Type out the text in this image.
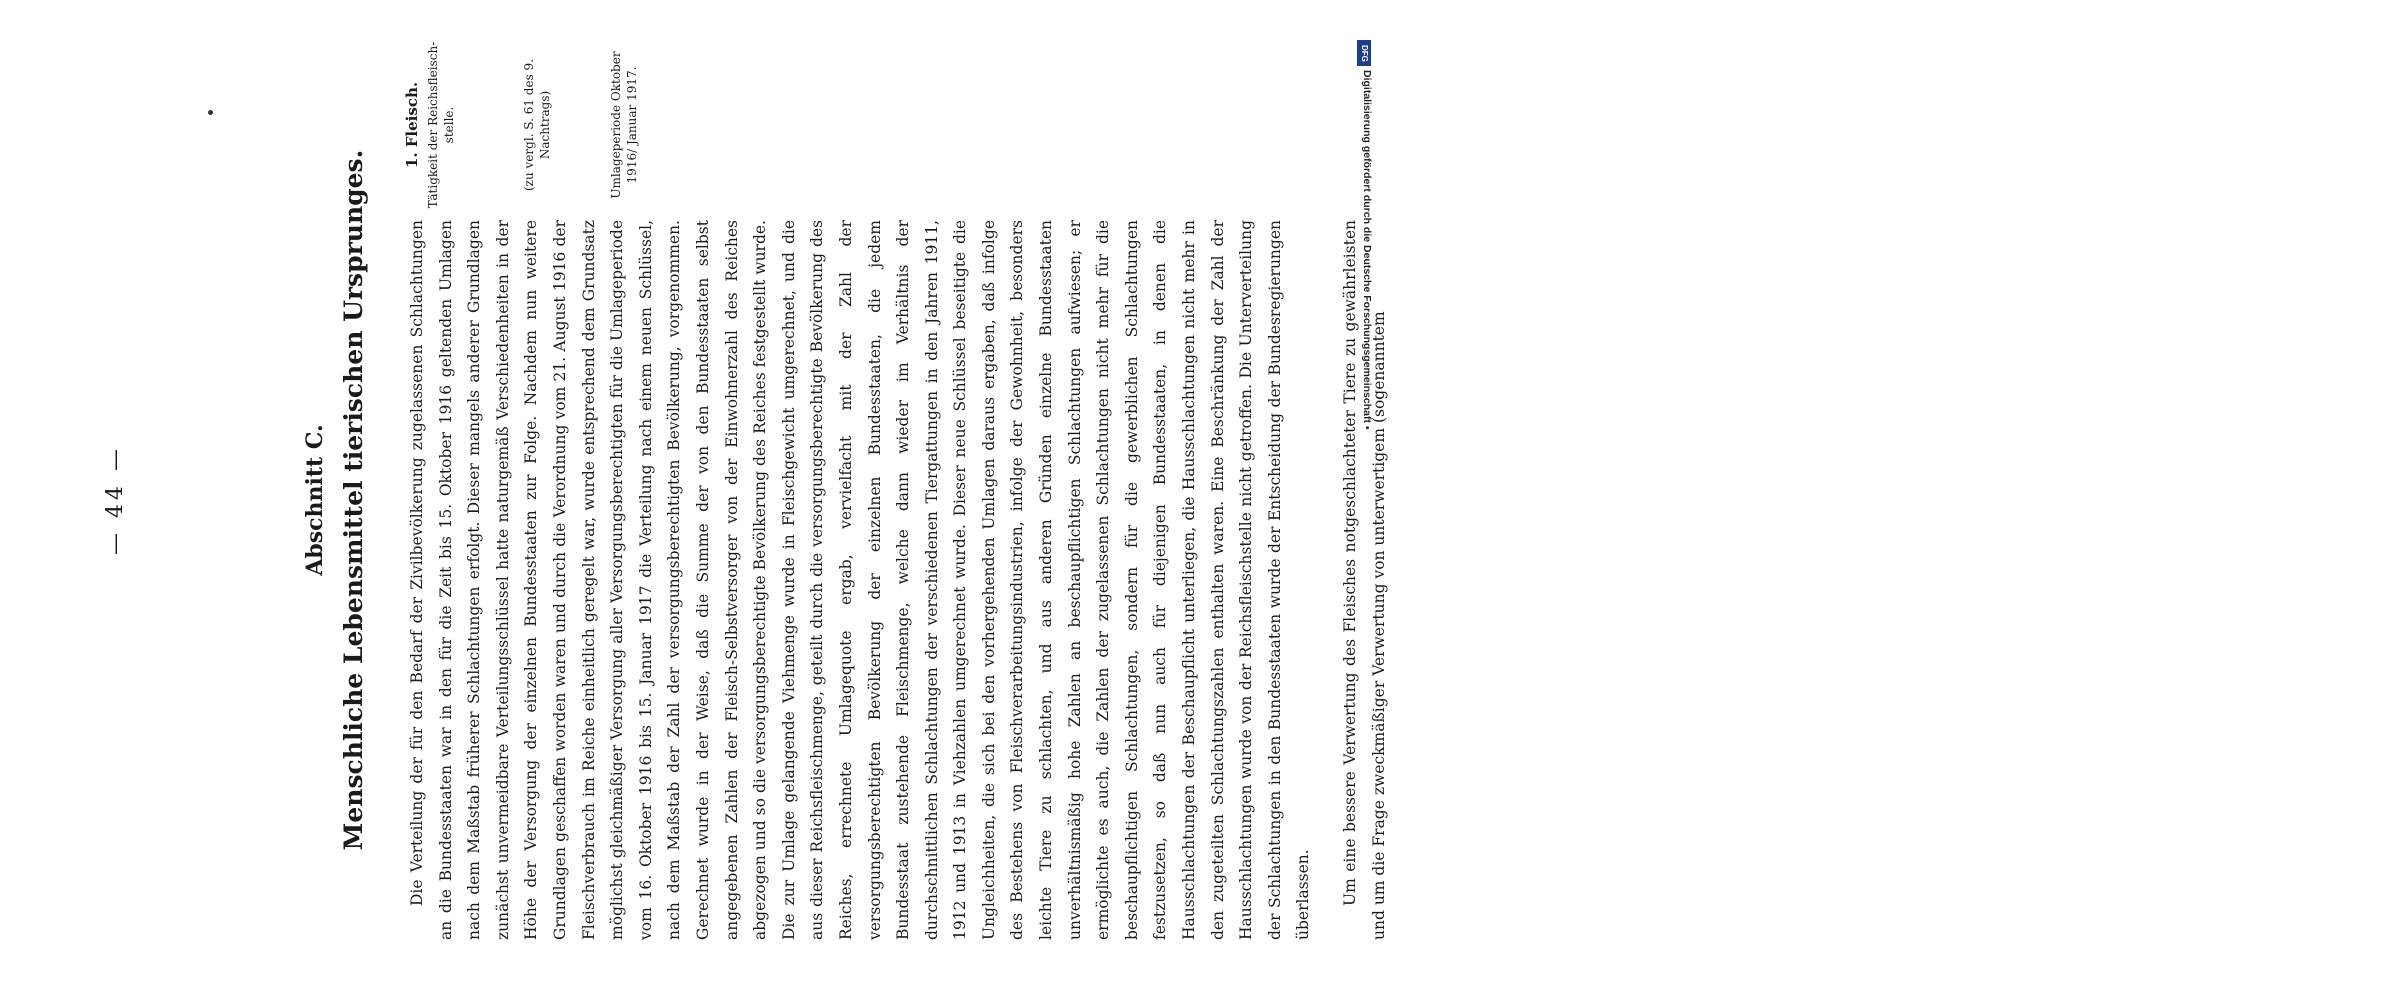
— 44 —	Abschnitt C. Menschliche Lebensmittel tierischen Ursprunges.
1. Fleisch. Tätigkeit der Reichsfleisch-stelle.	(zu vergl. S. 61 des 9. Nachtrags)	Umlageperiode Oktober 1916/ Januar 1917.

Die Verteilung der für den Bedarf der Zivilbevölkerung zugelassenen Schlachtungen an die Bundesstaaten war in den für die Zeit bis 15. Oktober 1916 geltenden Umlagen nach dem Maßstab früherer Schlachtungen erfolgt. Dieser mangels anderer Grundlagen zunächst unvermeidbare Verteilungsschlüssel hatte naturgemäß Verschiedenheiten in der Höhe der Versorgung der einzelnen Bundesstaaten zur Folge. Nachdem nun weitere Grundlagen geschaffen worden waren und durch die Verordnung vom 21. August 1916 der Fleischverbrauch im Reiche einheitlich geregelt war, wurde entsprechend dem Grundsatz möglichst gleichmäßiger Versorgung aller Versorgungsberechtigten für die Umlageperiode vom 16. Oktober 1916 bis 15. Januar 1917 die Verteilung nach einem neuen Schlüssel, nach dem Maßstab der Zahl der versorgungsberechtigten Bevölkerung, vorgenommen. Gerechnet wurde in der Weise, daß die Summe der von den Bundesstaaten selbst angegebenen Zahlen der Fleisch-Selbstversorger von der Einwohnerzahl des Reiches abgezogen und so die versorgungsberechtigte Bevölkerung des Reiches festgestellt wurde. Die zur Umlage gelangende Viehmenge wurde in Fleischgewicht umgerechnet, und die aus dieser Reichsfleischmenge, geteilt durch die versorgungsberechtigte Bevölkerung des Reiches, errechnete Umlagequote ergab, vervielfacht mit der Zahl der versorgungsberechtigten Bevölkerung der einzelnen Bundesstaaten, die jedem Bundesstaat zustehende Fleischmenge, welche dann wieder im Verhältnis der durchschnittlichen Schlachtungen der verschiedenen Tiergattungen in den Jahren 1911, 1912 und 1913 in Viehzahlen umgerechnet wurde. Dieser neue Schlüssel beseitigte die Ungleichheiten, die sich bei den vorhergehenden Umlagen daraus ergaben, daß infolge des Bestehens von Fleischverarbeitungsindustrien, infolge der Gewohnheit, besonders leichte Tiere zu schlachten, und aus anderen Gründen einzelne Bundesstaaten unverhältnismäßig hohe Zahlen an beschaupflichtigen Schlachtungen aufwiesen; er ermöglichte es auch, die Zahlen der zugelassenen Schlachtungen nicht mehr für die beschaupflichtigen Schlachtungen, sondern für die gewerblichen Schlachtungen festzusetzen, so daß nun auch für diejenigen Bundesstaaten, in denen die Hausschlachtungen der Beschaupflicht unterliegen, die Hausschlachtungen nicht mehr in den zugeteilten Schlachtungszahlen enthalten waren. Eine Beschränkung der Zahl der Hausschlachtungen wurde von der Reichsfleischstelle nicht getroffen. Die Unterverteilung der Schlachtungen in den Bundesstaaten wurde der Entscheidung der Bundesregierungen überlassen.	Um eine bessere Verwertung des Fleisches notgeschlachteter Tiere zu gewährleisten und um die Frage zweckmäßiger Verwertung von unterwertigem (sogenanntem

DFG
Digitalisierung gefördert durch die Deutsche Forschungsgemeinschaft •
